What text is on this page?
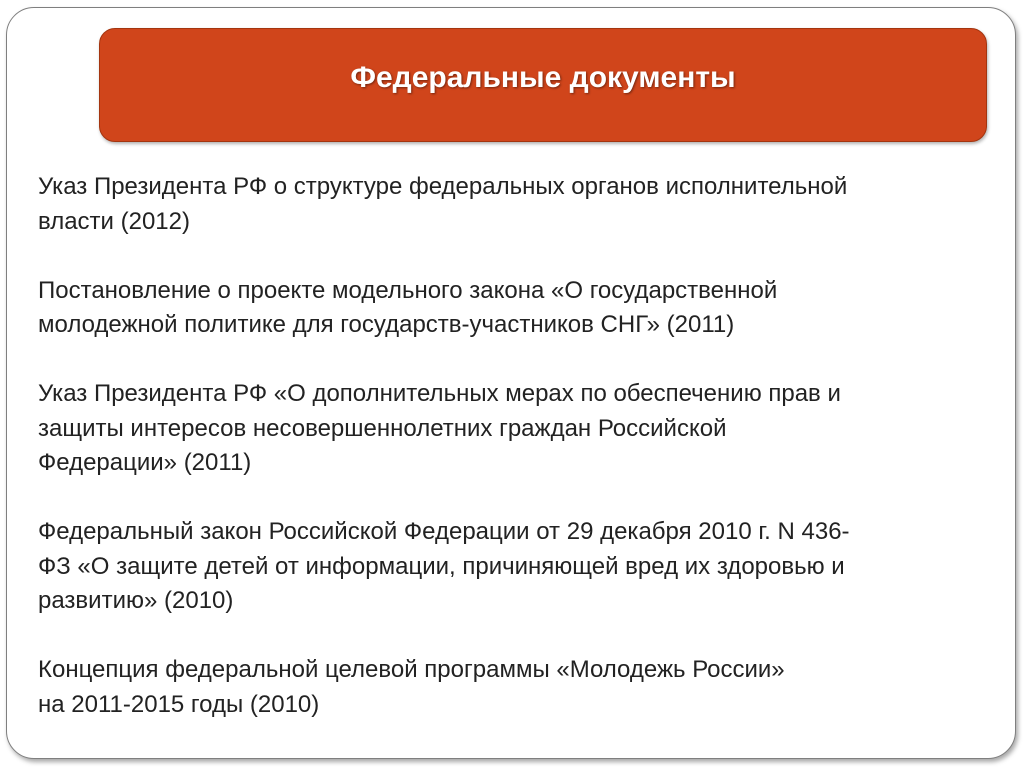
Федеральные документы
Указ Президента РФ о структуре федеральных органов исполнительной
власти (2012)
Постановление о проекте модельного закона «О государственной
молодежной политике для государств-участников СНГ» (2011)
Указ Президента РФ «О дополнительных мерах по обеспечению прав и
защиты интересов несовершеннолетних граждан Российской
Федерации» (2011)
Федеральный закон Российской Федерации от 29 декабря 2010 г. N 436-
ФЗ «О защите детей от информации, причиняющей вред их здоровью и
развитию» (2010)
Концепция федеральной целевой программы «Молодежь России»
на 2011-2015 годы (2010)
